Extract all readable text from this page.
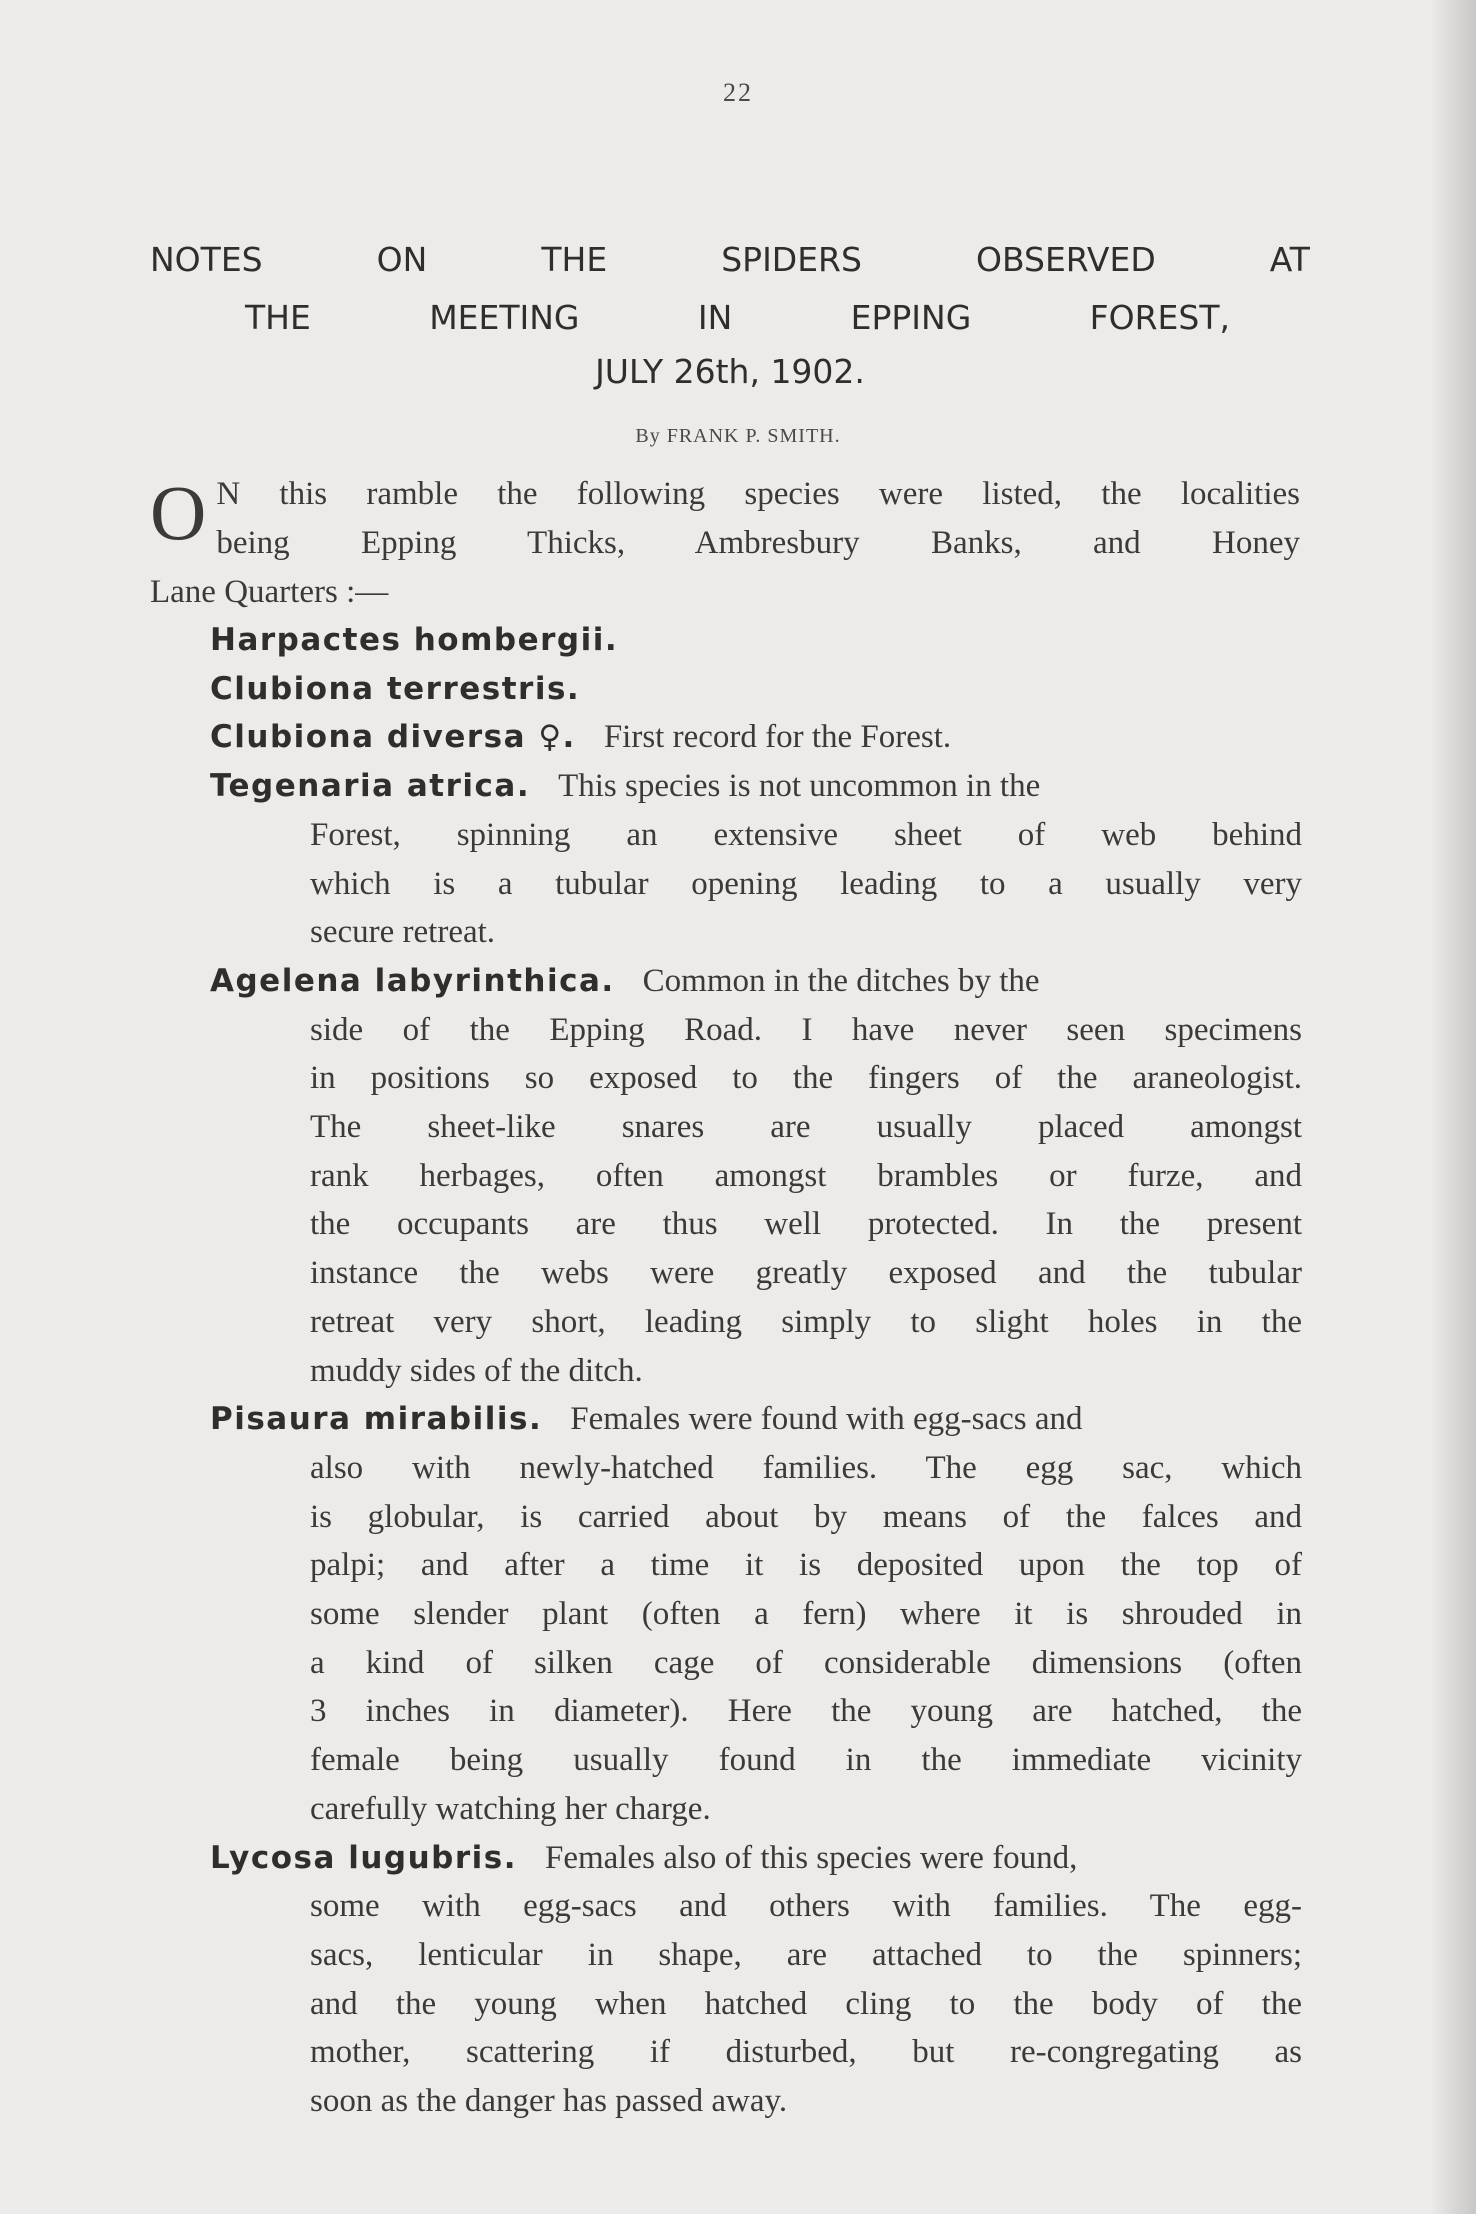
22
NOTES	ON	THE	SPIDERS	OBSERVED	AT
THE	MEETING	IN	EPPING	FOREST,
JULY 26th, 1902.
By FRANK P. SMITH.
O N this ramble the following species were listed, the localities
being Epping Thicks, Ambresbury Banks, and Honey
Lane Quarters :—
Harpactes hombergii.
Clubiona terrestris.
Clubiona diversa ♀. First record for the Forest.
Tegenaria atrica. This species is not uncommon in the
Forest, spinning an extensive sheet of web behind
which is a tubular opening leading to a usually very
secure retreat.
Agelena labyrinthica. Common in the ditches by the
side of the Epping Road. I have never seen specimens
in positions so exposed to the fingers of the araneologist.
The sheet-like snares are usually placed amongst
rank herbages, often amongst brambles or furze, and
the occupants are thus well protected. In the present
instance the webs were greatly exposed and the tubular
retreat very short, leading simply to slight holes in the
muddy sides of the ditch.
Pisaura mirabilis. Females were found with egg-sacs and
also with newly-hatched families. The egg sac, which
is globular, is carried about by means of the falces and
palpi; and after a time it is deposited upon the top of
some slender plant (often a fern) where it is shrouded in
a kind of silken cage of considerable dimensions (often
3 inches in diameter). Here the young are hatched, the
female being usually found in the immediate vicinity
carefully watching her charge.
Lycosa lugubris. Females also of this species were found,
some with egg-sacs and others with families. The egg-
sacs, lenticular in shape, are attached to the spinners;
and the young when hatched cling to the body of the
mother, scattering if disturbed, but re-congregating as
soon as the danger has passed away.
